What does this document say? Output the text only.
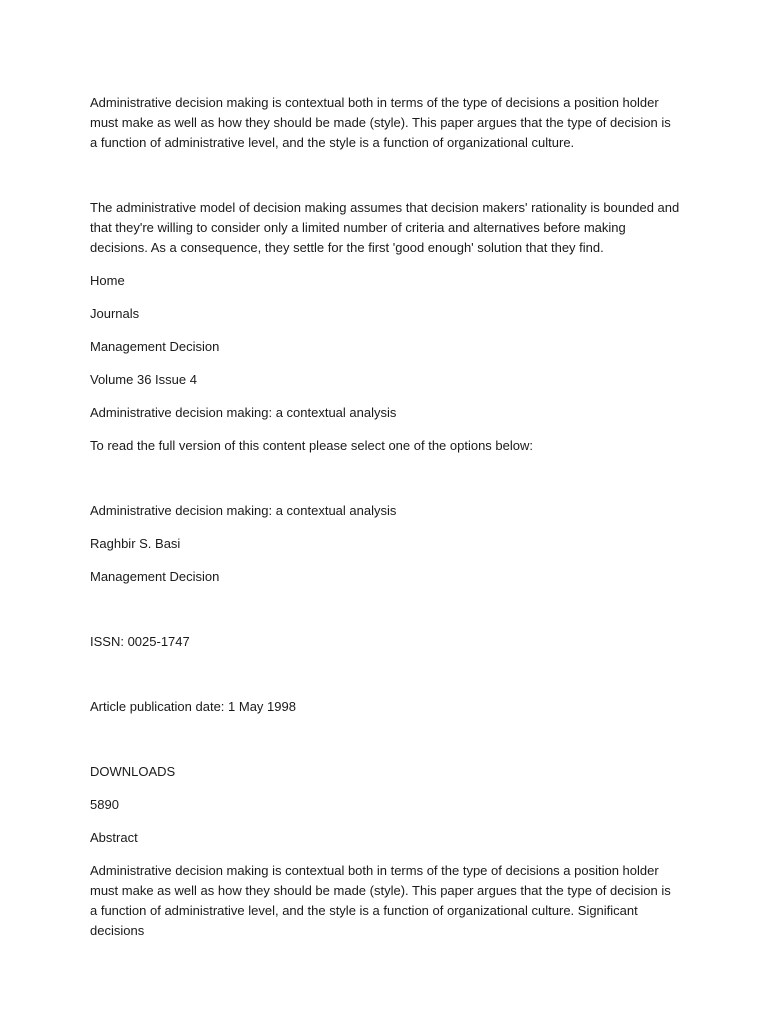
Administrative decision making is contextual both in terms of the type of decisions a position holder must make as well as how they should be made (style). This paper argues that the type of decision is a function of administrative level, and the style is a function of organizational culture.

The administrative model of decision making assumes that decision makers' rationality is bounded and that they're willing to consider only a limited number of criteria and alternatives before making decisions. As a consequence, they settle for the first 'good enough' solution that they find.

Home

Journals

Management Decision

Volume 36 Issue 4

Administrative decision making: a contextual analysis

To read the full version of this content please select one of the options below:

Administrative decision making: a contextual analysis

Raghbir S. Basi

Management Decision

ISSN: 0025-1747

Article publication date: 1 May 1998

DOWNLOADS

5890

Abstract

Administrative decision making is contextual both in terms of the type of decisions a position holder must make as well as how they should be made (style). This paper argues that the type of decision is a function of administrative level, and the style is a function of organizational culture. Significant decisions
